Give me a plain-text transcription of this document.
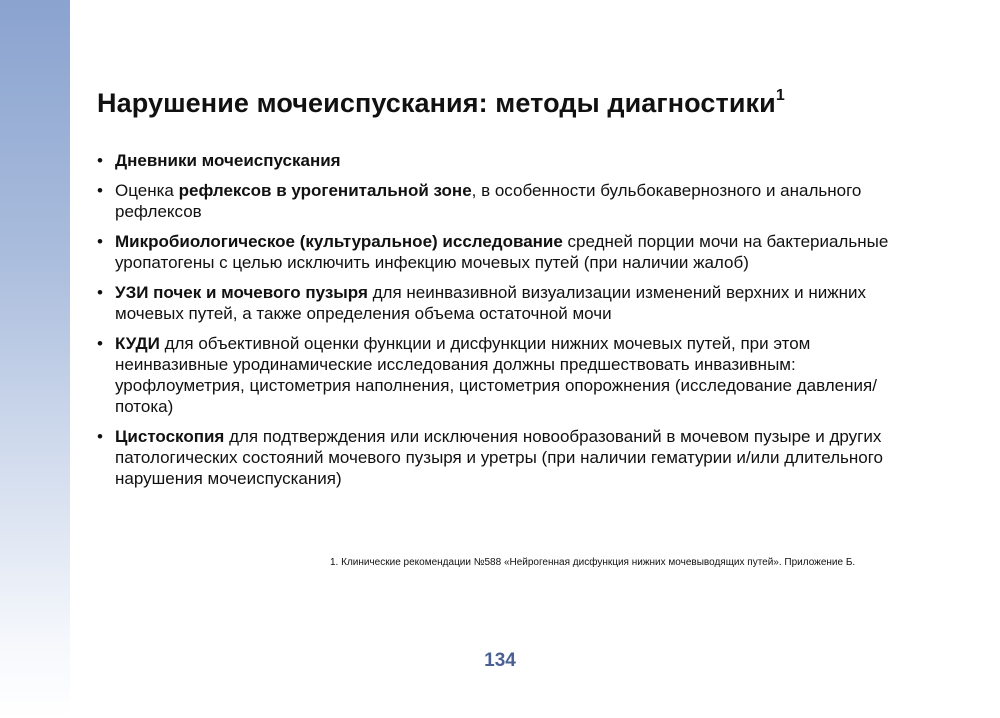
Нарушение мочеиспускания: методы диагностики$^1$
• Дневники мочеиспускания
• Оценка рефлексов в урогенитальной зоне, в особенности бульбокавернозного и анального рефлексов
• Микробиологическое (культуральное) исследование средней порции мочи на бактериальные уропатогены с целью исключить инфекцию мочевых путей (при наличии жалоб)
• УЗИ почек и мочевого пузыря для неинвазивной визуализации изменений верхних и нижних мочевых путей, а также определения объема остаточной мочи
• КУДИ для объективной оценки функции и дисфункции нижних мочевых путей, при этом неинвазивные уродинамические исследования должны предшествовать инвазивным: урофлоуметрия, цистометрия наполнения, цистометрия опорожнения (исследование давления/потока)
• Цистоскопия для подтверждения или исключения новообразований в мочевом пузыре и других патологических состояний мочевого пузыря и уретры (при наличии гематурии и/или длительного нарушения мочеиспускания)
1. Клинические рекомендации №588 «Нейрогенная дисфункция нижних мочевыводящих путей». Приложение Б.
134
